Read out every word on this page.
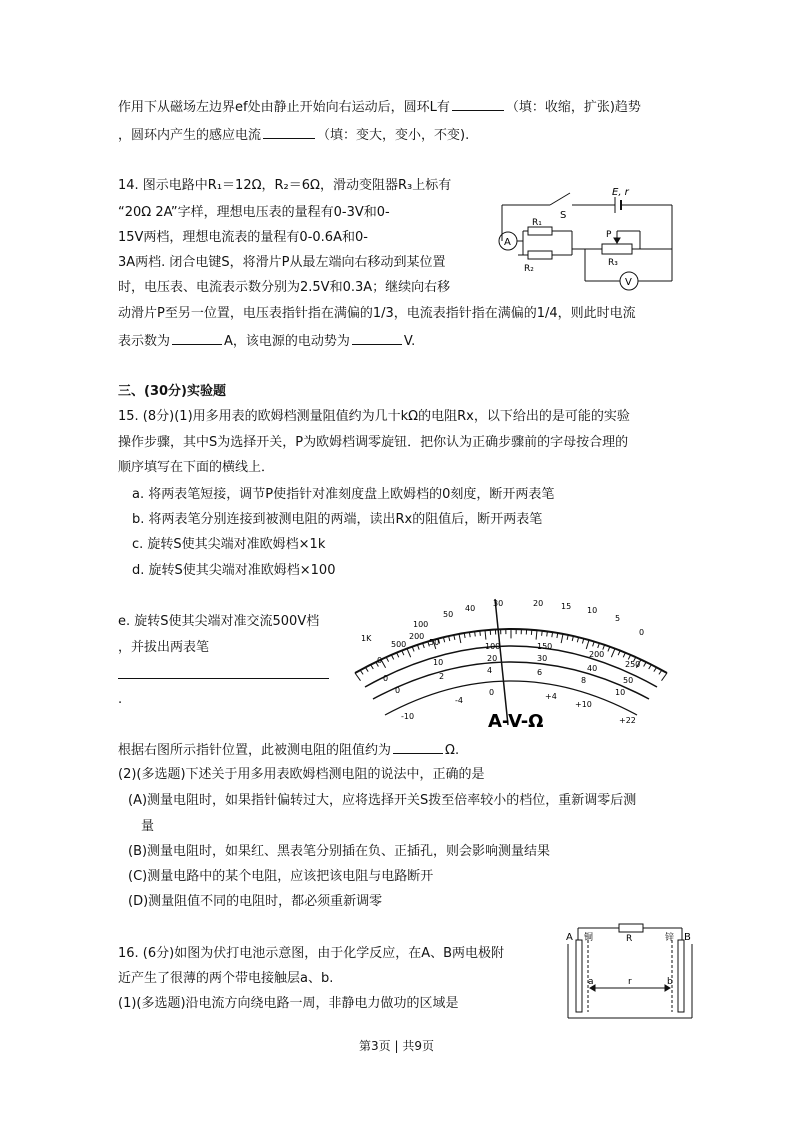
作用下从磁场左边界ef处由静止开始向右运动后，圆环L有	（填：收缩，扩张)趋势
，圆环内产生的感应电流	（填：变大，变小，不变).
14. 图示电路中R₁＝12Ω，R₂＝6Ω，滑动变阻器R₃上标有
“20Ω 2A”字样，理想电压表的量程有0-3V和0-
15V两档，理想电流表的量程有0-0.6A和0-
3A两档. 闭合电键S，将滑片P从最左端向右移动到某位置
时，电压表、电流表示数分别为2.5V和0.3A；继续向右移
动滑片P至另一位置，电压表指针指在满偏的1/3，电流表指针指在满偏的1/4，则此时电流
表示数为	A，该电源的电动势为	V.
A
V
E, r
S
R₁
R₂
R₃
P
三、(30分)实验题
15. (8分)(1)用多用表的欧姆档测量阻值约为几十kΩ的电阻Rx，以下给出的是可能的实验
操作步骤，其中S为选择开关，P为欧姆档调零旋钮．把你认为正确步骤前的字母按合理的
顺序填写在下面的横线上．
a. 将两表笔短接，调节P使指针对准刻度盘上欧姆档的0刻度，断开两表笔
b. 将两表笔分别连接到被测电阻的两端，读出Rx的阻值后，断开两表笔
c. 旋转S使其尖端对准欧姆档×1k
d. 旋转S使其尖端对准欧姆档×100
e. 旋转S使其尖端对准交流500V档
，并拔出两表笔
.
1K
500
200
100
50
40
30	20 15 10
5
0
0
50	100	150
200
250
0
10	20	30
40
50
0
2
4	6
8
10
-10
-4
0	+4
+10
+22
A-V-Ω
根据右图所示指针位置，此被测电阻的阻值约为	Ω.
(2)(多选题)下述关于用多用表欧姆档测电阻的说法中，正确的是
(A)测量电阻时，如果指针偏转过大，应将选择开关S拨至倍率较小的档位，重新调零后测
量
(B)测量电阻时，如果红、黑表笔分别插在负、正插孔，则会影响测量结果
(C)测量电路中的某个电阻，应该把该电阻与电路断开
(D)测量阻值不同的电阻时，都必须重新调零
16. (6分)如图为伏打电池示意图，由于化学反应，在A、B两电极附
近产生了很薄的两个带电接触层a、b.
(1)(多选题)沿电流方向绕电路一周，非静电力做功的区域是
A 铜	R	锌 B
a	r	b
第3页 | 共9页
